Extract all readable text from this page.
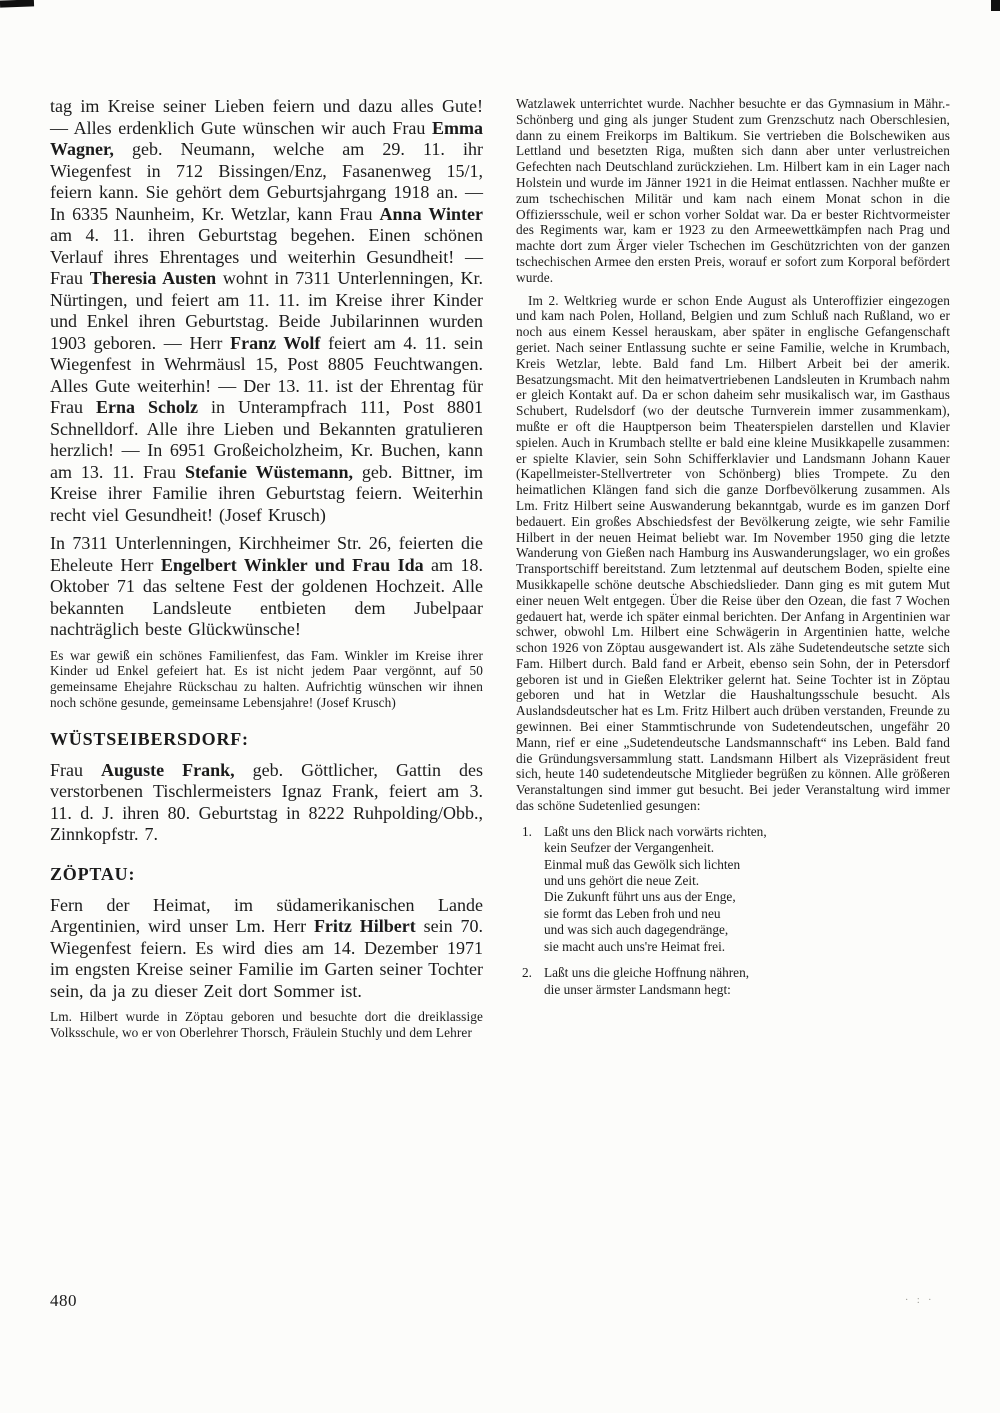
tag im Kreise seiner Lieben feiern und dazu alles Gute! — Alles erdenklich Gute wünschen wir auch Frau Emma Wagner, geb. Neumann, welche am 29. 11. ihr Wiegenfest in 712 Bissingen/Enz, Fasanenweg 15/1, feiern kann. Sie gehört dem Geburtsjahrgang 1918 an. — In 6335 Naunheim, Kr. Wetzlar, kann Frau Anna Winter am 4. 11. ihren Geburtstag begehen. Einen schönen Verlauf ihres Ehrentages und weiterhin Gesundheit! — Frau Theresia Austen wohnt in 7311 Unterlenningen, Kr. Nürtingen, und feiert am 11. 11. im Kreise ihrer Kinder und Enkel ihren Geburtstag. Beide Jubilarinnen wurden 1903 geboren. — Herr Franz Wolf feiert am 4. 11. sein Wiegenfest in Wehrmäusl 15, Post 8805 Feuchtwangen. Alles Gute weiterhin! — Der 13. 11. ist der Ehrentag für Frau Erna Scholz in Unterampfrach 111, Post 8801 Schnelldorf. Alle ihre Lieben und Bekannten gratulieren herzlich! — In 6951 Großeicholzheim, Kr. Buchen, kann am 13. 11. Frau Stefanie Wüstemann, geb. Bittner, im Kreise ihrer Familie ihren Geburtstag feiern. Weiterhin recht viel Gesundheit! (Josef Krusch)

In 7311 Unterlenningen, Kirchheimer Str. 26, feierten die Eheleute Herr Engelbert Winkler und Frau Ida am 18. Oktober 71 das seltene Fest der goldenen Hochzeit. Alle bekannten Landsleute entbieten dem Jubelpaar nachträglich beste Glückwünsche!

Es war gewiß ein schönes Familienfest, das Fam. Winkler im Kreise ihrer Kinder ud Enkel gefeiert hat. Es ist nicht jedem Paar vergönnt, auf 50 gemeinsame Ehejahre Rückschau zu halten. Aufrichtig wünschen wir ihnen noch schöne gesunde, gemeinsame Lebensjahre! (Josef Krusch)

WÜSTSEIBERSDORF:

Frau Auguste Frank, geb. Göttlicher, Gattin des verstorbenen Tischlermeisters Ignaz Frank, feiert am 3. 11. d. J. ihren 80. Geburtstag in 8222 Ruhpolding/Obb., Zinnkopfstr. 7.

ZÖPTAU:

Fern der Heimat, im südamerikanischen Lande Argentinien, wird unser Lm. Herr Fritz Hilbert sein 70. Wiegenfest feiern. Es wird dies am 14. Dezember 1971 im engsten Kreise seiner Familie im Garten seiner Tochter sein, da ja zu dieser Zeit dort Sommer ist.

Lm. Hilbert wurde in Zöptau geboren und besuchte dort die dreiklassige Volksschule, wo er von Oberlehrer Thorsch, Fräulein Stuchly und dem Lehrer

Watzlawek unterrichtet wurde. Nachher besuchte er das Gymnasium in Mähr.-Schönberg und ging als junger Student zum Grenzschutz nach Oberschlesien, dann zu einem Freikorps im Baltikum. Sie vertrieben die Bolschewiken aus Lettland und besetzten Riga, mußten sich dann aber unter verlustreichen Gefechten nach Deutschland zurückziehen. Lm. Hilbert kam in ein Lager nach Holstein und wurde im Jänner 1921 in die Heimat entlassen. Nachher mußte er zum tschechischen Militär und kam nach einem Monat schon in die Offiziersschule, weil er schon vorher Soldat war. Da er bester Richtvormeister des Regiments war, kam er 1923 zu den Armeewettkämpfen nach Prag und machte dort zum Ärger vieler Tschechen im Geschützrichten von der ganzen tschechischen Armee den ersten Preis, worauf er sofort zum Korporal befördert wurde.

Im 2. Weltkrieg wurde er schon Ende August als Unteroffizier eingezogen und kam nach Polen, Holland, Belgien und zum Schluß nach Rußland, wo er noch aus einem Kessel herauskam, aber später in englische Gefangenschaft geriet. Nach seiner Entlassung suchte er seine Familie, welche in Krumbach, Kreis Wetzlar, lebte. Bald fand Lm. Hilbert Arbeit bei der amerik. Besatzungsmacht. Mit den heimatvertriebenen Landsleuten in Krumbach nahm er gleich Kontakt auf. Da er schon daheim sehr musikalisch war, im Gasthaus Schubert, Rudelsdorf (wo der deutsche Turnverein immer zusammenkam), mußte er oft die Hauptperson beim Theaterspielen darstellen und Klavier spielen. Auch in Krumbach stellte er bald eine kleine Musikkapelle zusammen: er spielte Klavier, sein Sohn Schifferklavier und Landsmann Johann Kauer (Kapellmeister-Stellvertreter von Schönberg) blies Trompete. Zu den heimatlichen Klängen fand sich die ganze Dorfbevölkerung zusammen. Als Lm. Fritz Hilbert seine Auswanderung bekanntgab, wurde es im ganzen Dorf bedauert. Ein großes Abschiedsfest der Bevölkerung zeigte, wie sehr Familie Hilbert in der neuen Heimat beliebt war. Im November 1950 ging die letzte Wanderung von Gießen nach Hamburg ins Auswanderungslager, wo ein großes Transportschiff bereitstand. Zum letztenmal auf deutschem Boden, spielte eine Musikkapelle schöne deutsche Abschiedslieder. Dann ging es mit gutem Mut einer neuen Welt entgegen. Über die Reise über den Ozean, die fast 7 Wochen gedauert hat, werde ich später einmal berichten. Der Anfang in Argentinien war schwer, obwohl Lm. Hilbert eine Schwägerin in Argentinien hatte, welche schon 1926 von Zöptau ausgewandert ist. Als zähe Sudetendeutsche setzte sich Fam. Hilbert durch. Bald fand er Arbeit, ebenso sein Sohn, der in Petersdorf geboren ist und in Gießen Elektriker gelernt hat. Seine Tochter ist in Zöptau geboren und hat in Wetzlar die Haushaltungsschule besucht. Als Auslandsdeutscher hat es Lm. Fritz Hilbert auch drüben verstanden, Freunde zu gewinnen. Bei einer Stammtischrunde von Sudetendeutschen, ungefähr 20 Mann, rief er eine „Sudetendeutsche Landsmannschaft“ ins Leben. Bald fand die Gründungsversammlung statt. Landsmann Hilbert als Vizepräsident freut sich, heute 140 sudetendeutsche Mitglieder begrüßen zu können. Alle größeren Veranstaltungen sind immer gut besucht. Bei jeder Veranstaltung wird immer das schöne Sudetenlied gesungen:

1. Laßt uns den Blick nach vorwärts richten,
kein Seufzer der Vergangenheit.
Einmal muß das Gewölk sich lichten
und uns gehört die neue Zeit.
Die Zukunft führt uns aus der Enge,
sie formt das Leben froh und neu
und was sich auch dagegendränge,
sie macht auch uns're Heimat frei.
2. Laßt uns die gleiche Hoffnung nähren,
die unser ärmster Landsmann hegt:
480	· : ·
